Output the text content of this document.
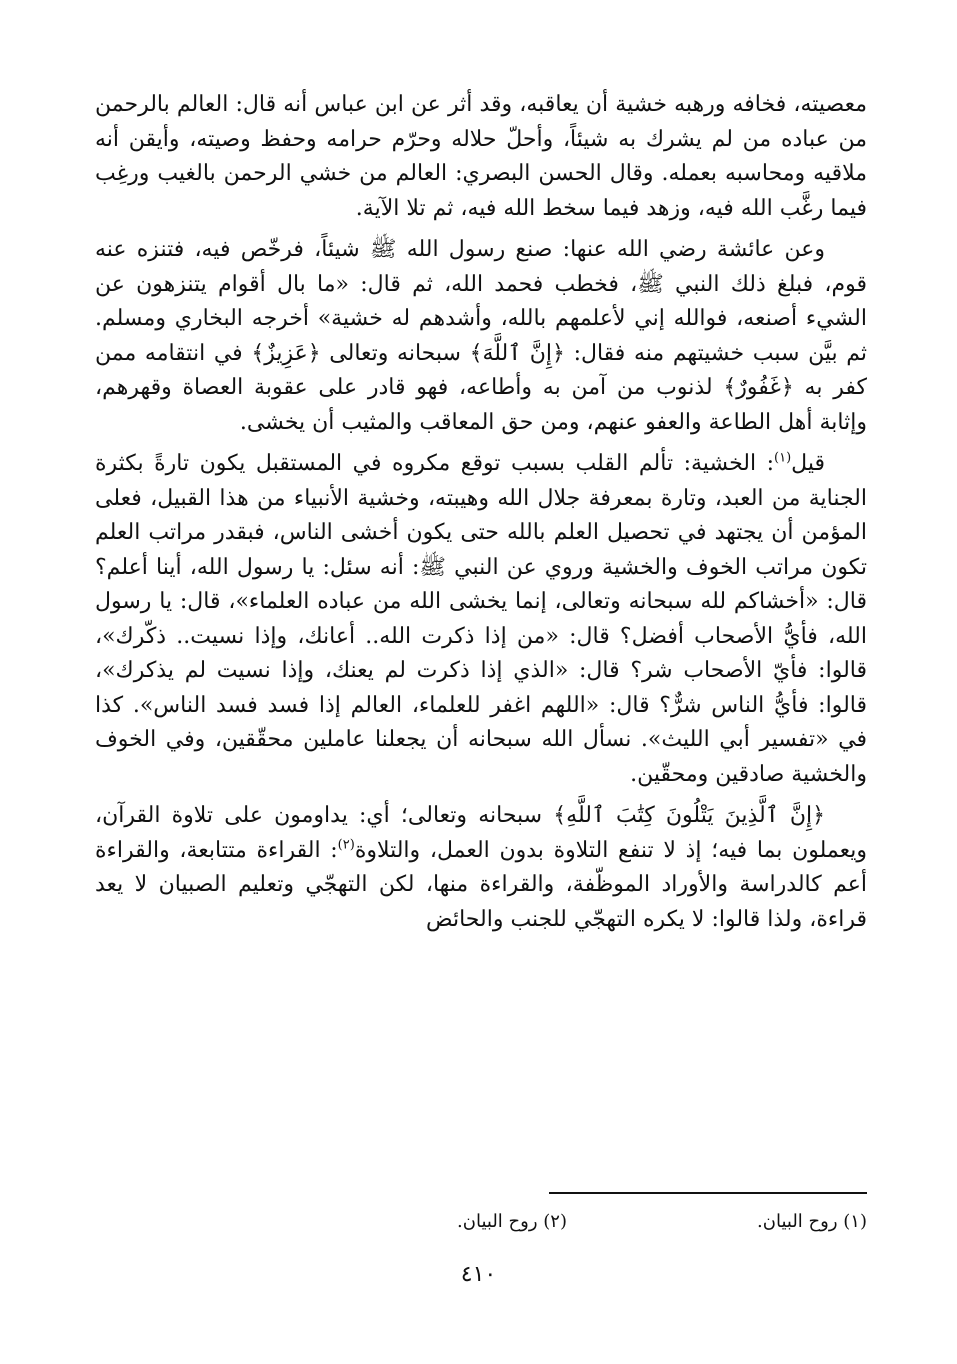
معصيته، فخافه ورهبه خشية أن يعاقبه، وقد أثر عن ابن عباس أنه قال: العالم بالرحمن من عباده من لم يشرك به شيئاً، وأحلّ حلاله وحرّم حرامه وحفظ وصيته، وأيقن أنه ملاقيه ومحاسبه بعمله. وقال الحسن البصري: العالم من خشي الرحمن بالغيب ورغِب فيما رغَّب الله فيه، وزهد فيما سخط الله فيه، ثم تلا الآية.

وعن عائشة رضي الله عنها: صنع رسول الله ﷺ شيئاً، فرخّص فيه، فتنزه عنه قوم، فبلغ ذلك النبي ﷺ، فخطب فحمد الله، ثم قال: «ما بال أقوام يتنزهون عن الشيء أصنعه، فوالله إني لأعلمهم بالله، وأشدهم له خشية» أخرجه البخاري ومسلم. ثم بيَّن سبب خشيتهم منه فقال: ﴿إِنَّ ٱللَّهَ﴾ سبحانه وتعالى ﴿عَزِيزٌ﴾ في انتقامه ممن كفر به ﴿غَفُورٌ﴾ لذنوب من آمن به وأطاعه، فهو قادر على عقوبة العصاة وقهرهم، وإثابة أهل الطاعة والعفو عنهم، ومن حق المعاقب والمثيب أن يخشى.

قيل$^{(١)}$: الخشية: تألم القلب بسبب توقع مكروه في المستقبل يكون تارةً بكثرة الجناية من العبد، وتارة بمعرفة جلال الله وهيبته، وخشية الأنبياء من هذا القبيل، فعلى المؤمن أن يجتهد في تحصيل العلم بالله حتى يكون أخشى الناس، فبقدر مراتب العلم تكون مراتب الخوف والخشية وروي عن النبي ﷺ: أنه سئل: يا رسول الله، أينا أعلم؟ قال: «أخشاكم لله سبحانه وتعالى، إنما يخشى الله من عباده العلماء»، قال: يا رسول الله، فأيُّ الأصحاب أفضل؟ قال: «من إذا ذكرت الله.. أعانك، وإذا نسيت.. ذكّرك»، قالوا: فأيّ الأصحاب شر؟ قال: «الذي إذا ذكرت لم يعنك، وإذا نسيت لم يذكرك»، قالوا: فأيُّ الناس شرٌّ؟ قال: «اللهم اغفر للعلماء، العالم إذا فسد فسد الناس». كذا في «تفسير أبي الليث». نسأل الله سبحانه أن يجعلنا عاملين محقّقين، وفي الخوف والخشية صادقين ومحقّين.

﴿إِنَّ ٱلَّذِينَ يَتْلُونَ كِتَٰبَ ٱللَّهِ﴾ سبحانه وتعالى؛ أي: يداومون على تلاوة القرآن، ويعملون بما فيه؛ إذ لا تنفع التلاوة بدون العمل، والتلاوة$^{(٢)}$: القراءة متتابعة، والقراءة أعم كالدراسة والأوراد الموظّفة، والقراءة منها، لكن التهجّي وتعليم الصبيان لا يعد قراءة، ولذا قالوا: لا يكره التهجّي للجنب والحائض

(١) روح البيان.
(٢) روح البيان.
٤١٠
